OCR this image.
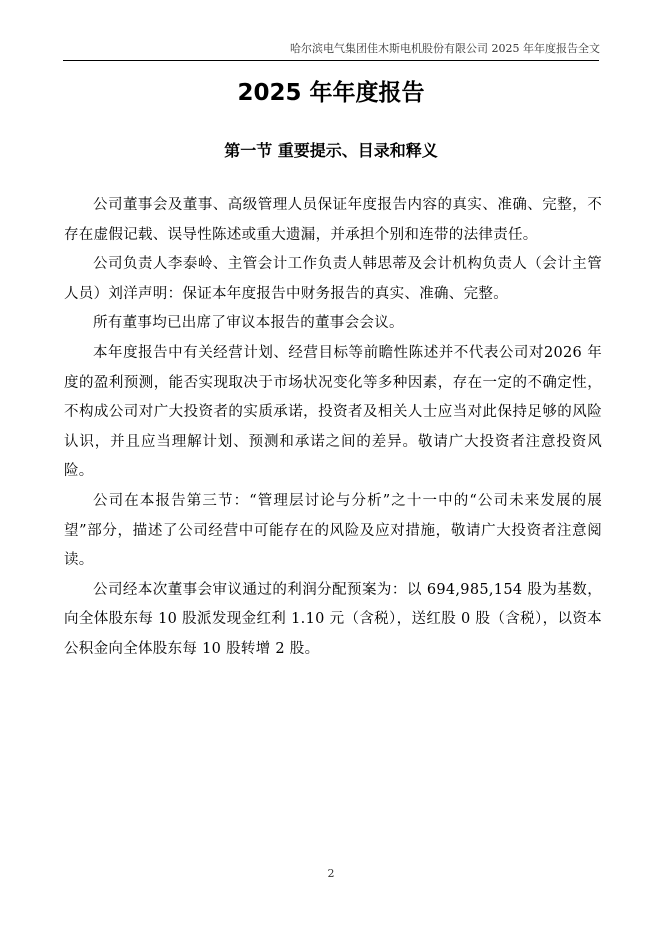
哈尔滨电气集团佳木斯电机股份有限公司 2025 年年度报告全文
2025 年年度报告
第一节 重要提示、目录和释义

公司董事会及董事、高级管理人员保证年度报告内容的真实、准确、完整，不存在虚假记载、误导性陈述或重大遗漏，并承担个别和连带的法律责任。

公司负责人李泰岭、主管会计工作负责人韩思蒂及会计机构负责人（会计主管人员）刘洋声明：保证本年度报告中财务报告的真实、准确、完整。

所有董事均已出席了审议本报告的董事会会议。

本年度报告中有关经营计划、经营目标等前瞻性陈述并不代表公司对2026 年度的盈利预测，能否实现取决于市场状况变化等多种因素，存在一定的不确定性，不构成公司对广大投资者的实质承诺，投资者及相关人士应当对此保持足够的风险认识，并且应当理解计划、预测和承诺之间的差异。敬请广大投资者注意投资风险。

公司在本报告第三节：“管理层讨论与分析”之十一中的“公司未来发展的展望”部分，描述了公司经营中可能存在的风险及应对措施，敬请广大投资者注意阅读。

公司经本次董事会审议通过的利润分配预案为：以 694,985,154 股为基数，向全体股东每 10 股派发现金红利 1.10 元（含税），送红股 0 股（含税），以资本公积金向全体股东每 10 股转增 2 股。

2
